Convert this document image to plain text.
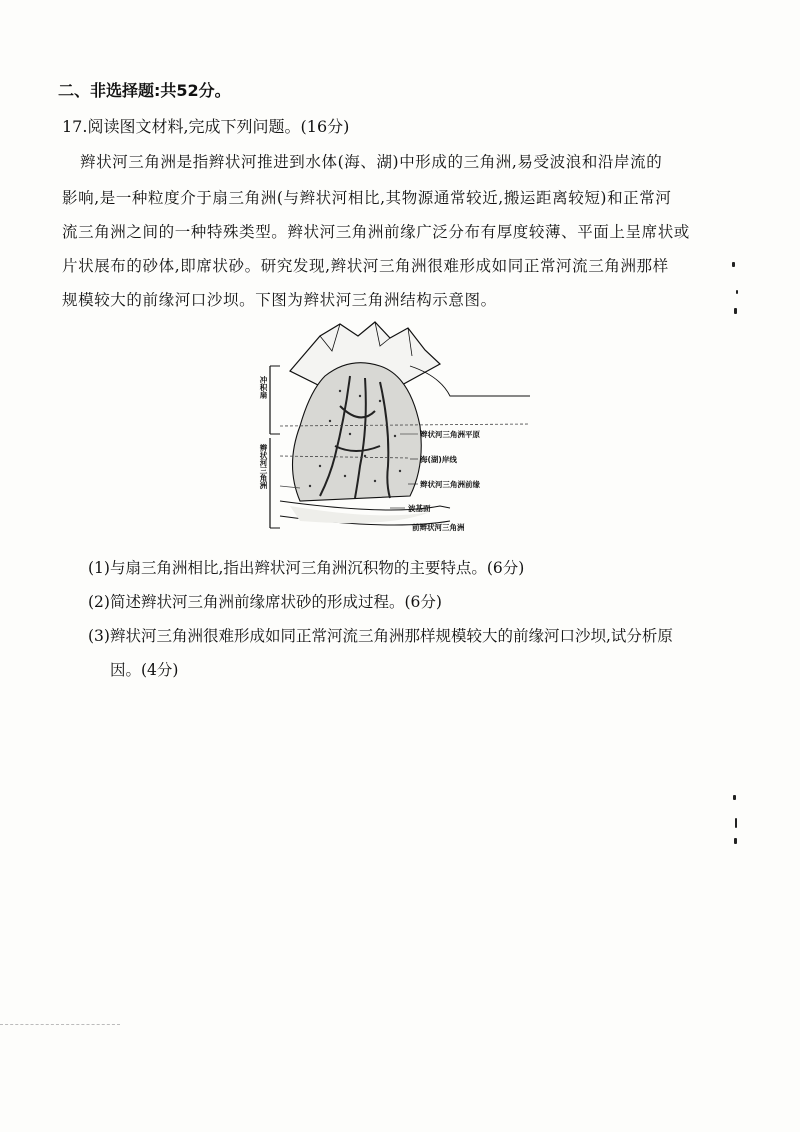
二、非选择题:共52分。
17.阅读图文材料,完成下列问题。(16分)
辫状河三角洲是指辫状河推进到水体(海、湖)中形成的三角洲,易受波浪和沿岸流的
影响,是一种粒度介于扇三角洲(与辫状河相比,其物源通常较近,搬运距离较短)和正常河
流三角洲之间的一种特殊类型。辫状河三角洲前缘广泛分布有厚度较薄、平面上呈席状或
片状展布的砂体,即席状砂。研究发现,辫状河三角洲很难形成如同正常河流三角洲那样
规模较大的前缘河口沙坝。下图为辫状河三角洲结构示意图。
冲积扇
辫状河三角洲
辫状河三角洲平原
海(湖)岸线
辫状河三角洲前缘
波基面
前辫状河三角洲
(1)与扇三角洲相比,指出辫状河三角洲沉积物的主要特点。(6分)
(2)简述辫状河三角洲前缘席状砂的形成过程。(6分)
(3)辫状河三角洲很难形成如同正常河流三角洲那样规模较大的前缘河口沙坝,试分析原
因。(4分)
